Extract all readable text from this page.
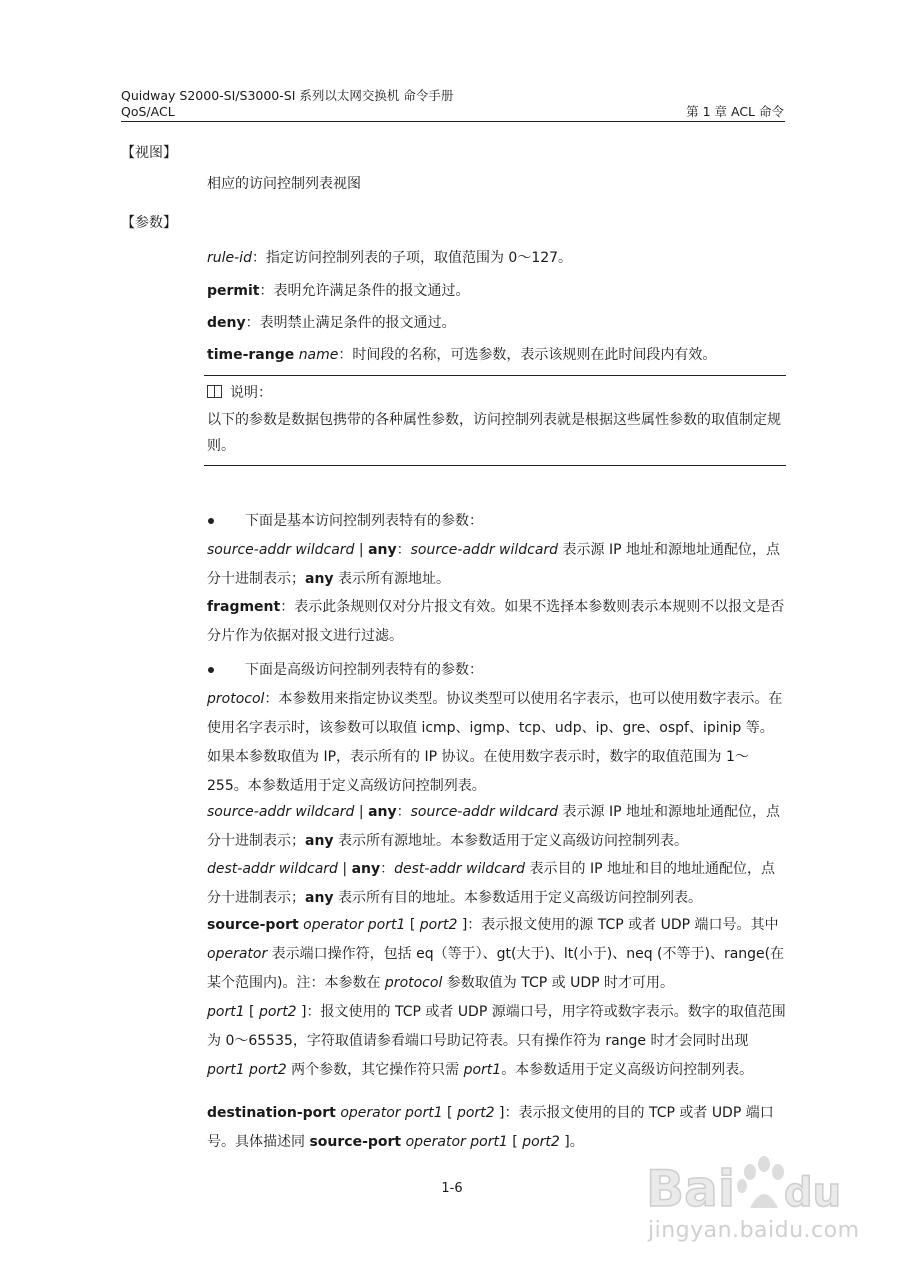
Quidway S2000-SI/S3000-SI 系列以太网交换机 命令手册
QoS/ACL	第 1 章 ACL 命令
【视图】
相应的访问控制列表视图
【参数】
rule-id：指定访问控制列表的子项，取值范围为 0～127。
permit：表明允许满足条件的报文通过。
deny：表明禁止满足条件的报文通过。
time-range name：时间段的名称，可选参数，表示该规则在此时间段内有效。
说明：
以下的参数是数据包携带的各种属性参数，访问控制列表就是根据这些属性参数的取值制定规则。
下面是基本访问控制列表特有的参数：
source-addr wildcard | any：source-addr wildcard 表示源 IP 地址和源地址通配位，点分十进制表示；any 表示所有源地址。
fragment：表示此条规则仅对分片报文有效。如果不选择本参数则表示本规则不以报文是否分片作为依据对报文进行过滤。
下面是高级访问控制列表特有的参数：
protocol：本参数用来指定协议类型。协议类型可以使用名字表示，也可以使用数字表示。在使用名字表示时，该参数可以取值 icmp、igmp、tcp、udp、ip、gre、ospf、ipinip 等。如果本参数取值为 IP，表示所有的 IP 协议。在使用数字表示时，数字的取值范围为 1～255。本参数适用于定义高级访问控制列表。
source-addr wildcard | any：source-addr wildcard 表示源 IP 地址和源地址通配位，点分十进制表示；any 表示所有源地址。本参数适用于定义高级访问控制列表。
dest-addr wildcard | any：dest-addr wildcard 表示目的 IP 地址和目的地址通配位，点分十进制表示；any 表示所有目的地址。本参数适用于定义高级访问控制列表。
source-port operator port1 [ port2 ]：表示报文使用的源 TCP 或者 UDP 端口号。其中 operator 表示端口操作符，包括 eq（等于）、gt(大于)、lt(小于)、neq (不等于)、range(在某个范围内)。注：本参数在 protocol 参数取值为 TCP 或 UDP 时才可用。
port1 [ port2 ]：报文使用的 TCP 或者 UDP 源端口号，用字符或数字表示。数字的取值范围为 0～65535，字符取值请参看端口号助记符表。只有操作符为 range 时才会同时出现 port1 port2 两个参数，其它操作符只需 port1。本参数适用于定义高级访问控制列表。
destination-port operator port1 [ port2 ]：表示报文使用的目的 TCP 或者 UDP 端口号。具体描述同 source-port operator port1 [ port2 ]。
1-6	Bai du
jingyan.baidu.com
